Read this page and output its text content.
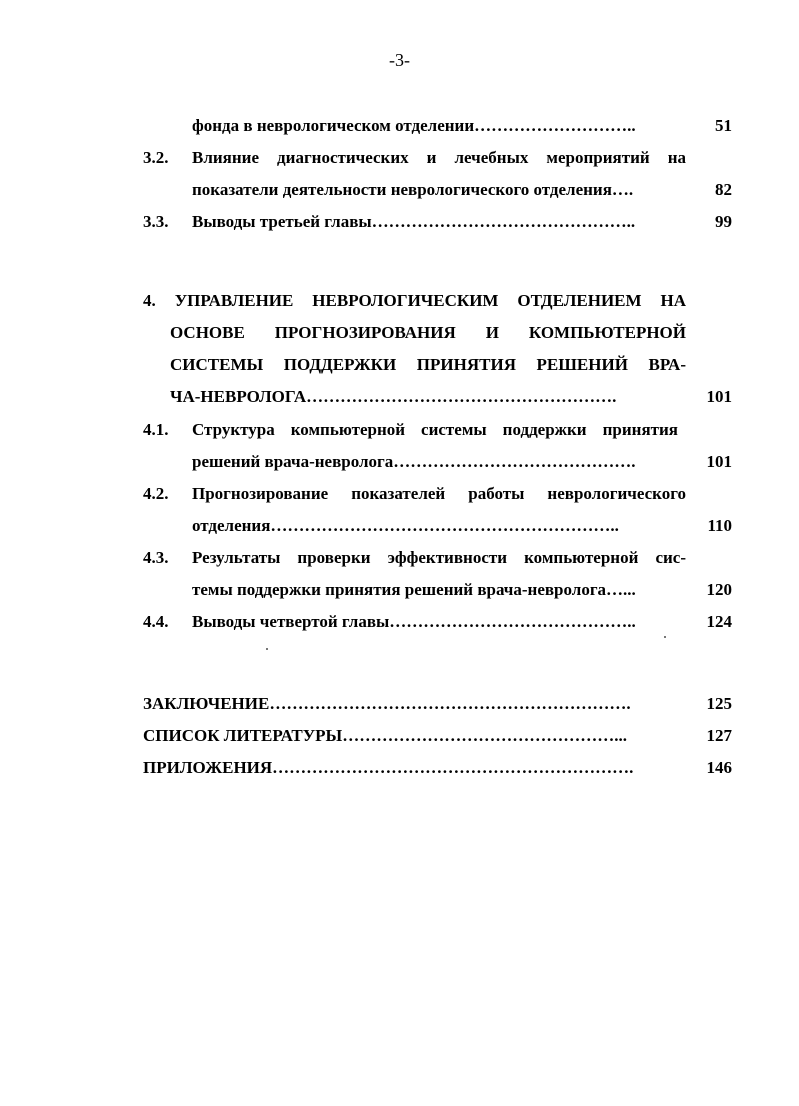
-3-
фонда в неврологическом отделении………………………..	51
3.2. Влияние диагностических и лечебных мероприятий на
показатели деятельности неврологического отделения….	82
3.3. Выводы третьей главы………………………………………..	99
4. УПРАВЛЕНИЕ НЕВРОЛОГИЧЕСКИМ ОТДЕЛЕНИЕМ НА
ОСНОВЕ ПРОГНОЗИРОВАНИЯ И КОМПЬЮТЕРНОЙ
СИСТЕМЫ ПОДДЕРЖКИ ПРИНЯТИЯ РЕШЕНИЙ ВРА-
ЧА-НЕВРОЛОГА……………………………………………….	101
4.1. Структура компьютерной системы поддержки принятия
решений врача-невролога…………………………………….	101
4.2. Прогнозирование показателей работы неврологического
отделения……………………………………………………..	110
4.3. Результаты проверки эффективности компьютерной сис-
темы поддержки принятия решений врача-невролога…...	120
4.4. Выводы четвертой главы……………………………………..	124
ЗАКЛЮЧЕНИЕ……………………………………………………….	125
СПИСОК ЛИТЕРАТУРЫ…………………………………………...	127
ПРИЛОЖЕНИЯ……………………………………………………….	146
